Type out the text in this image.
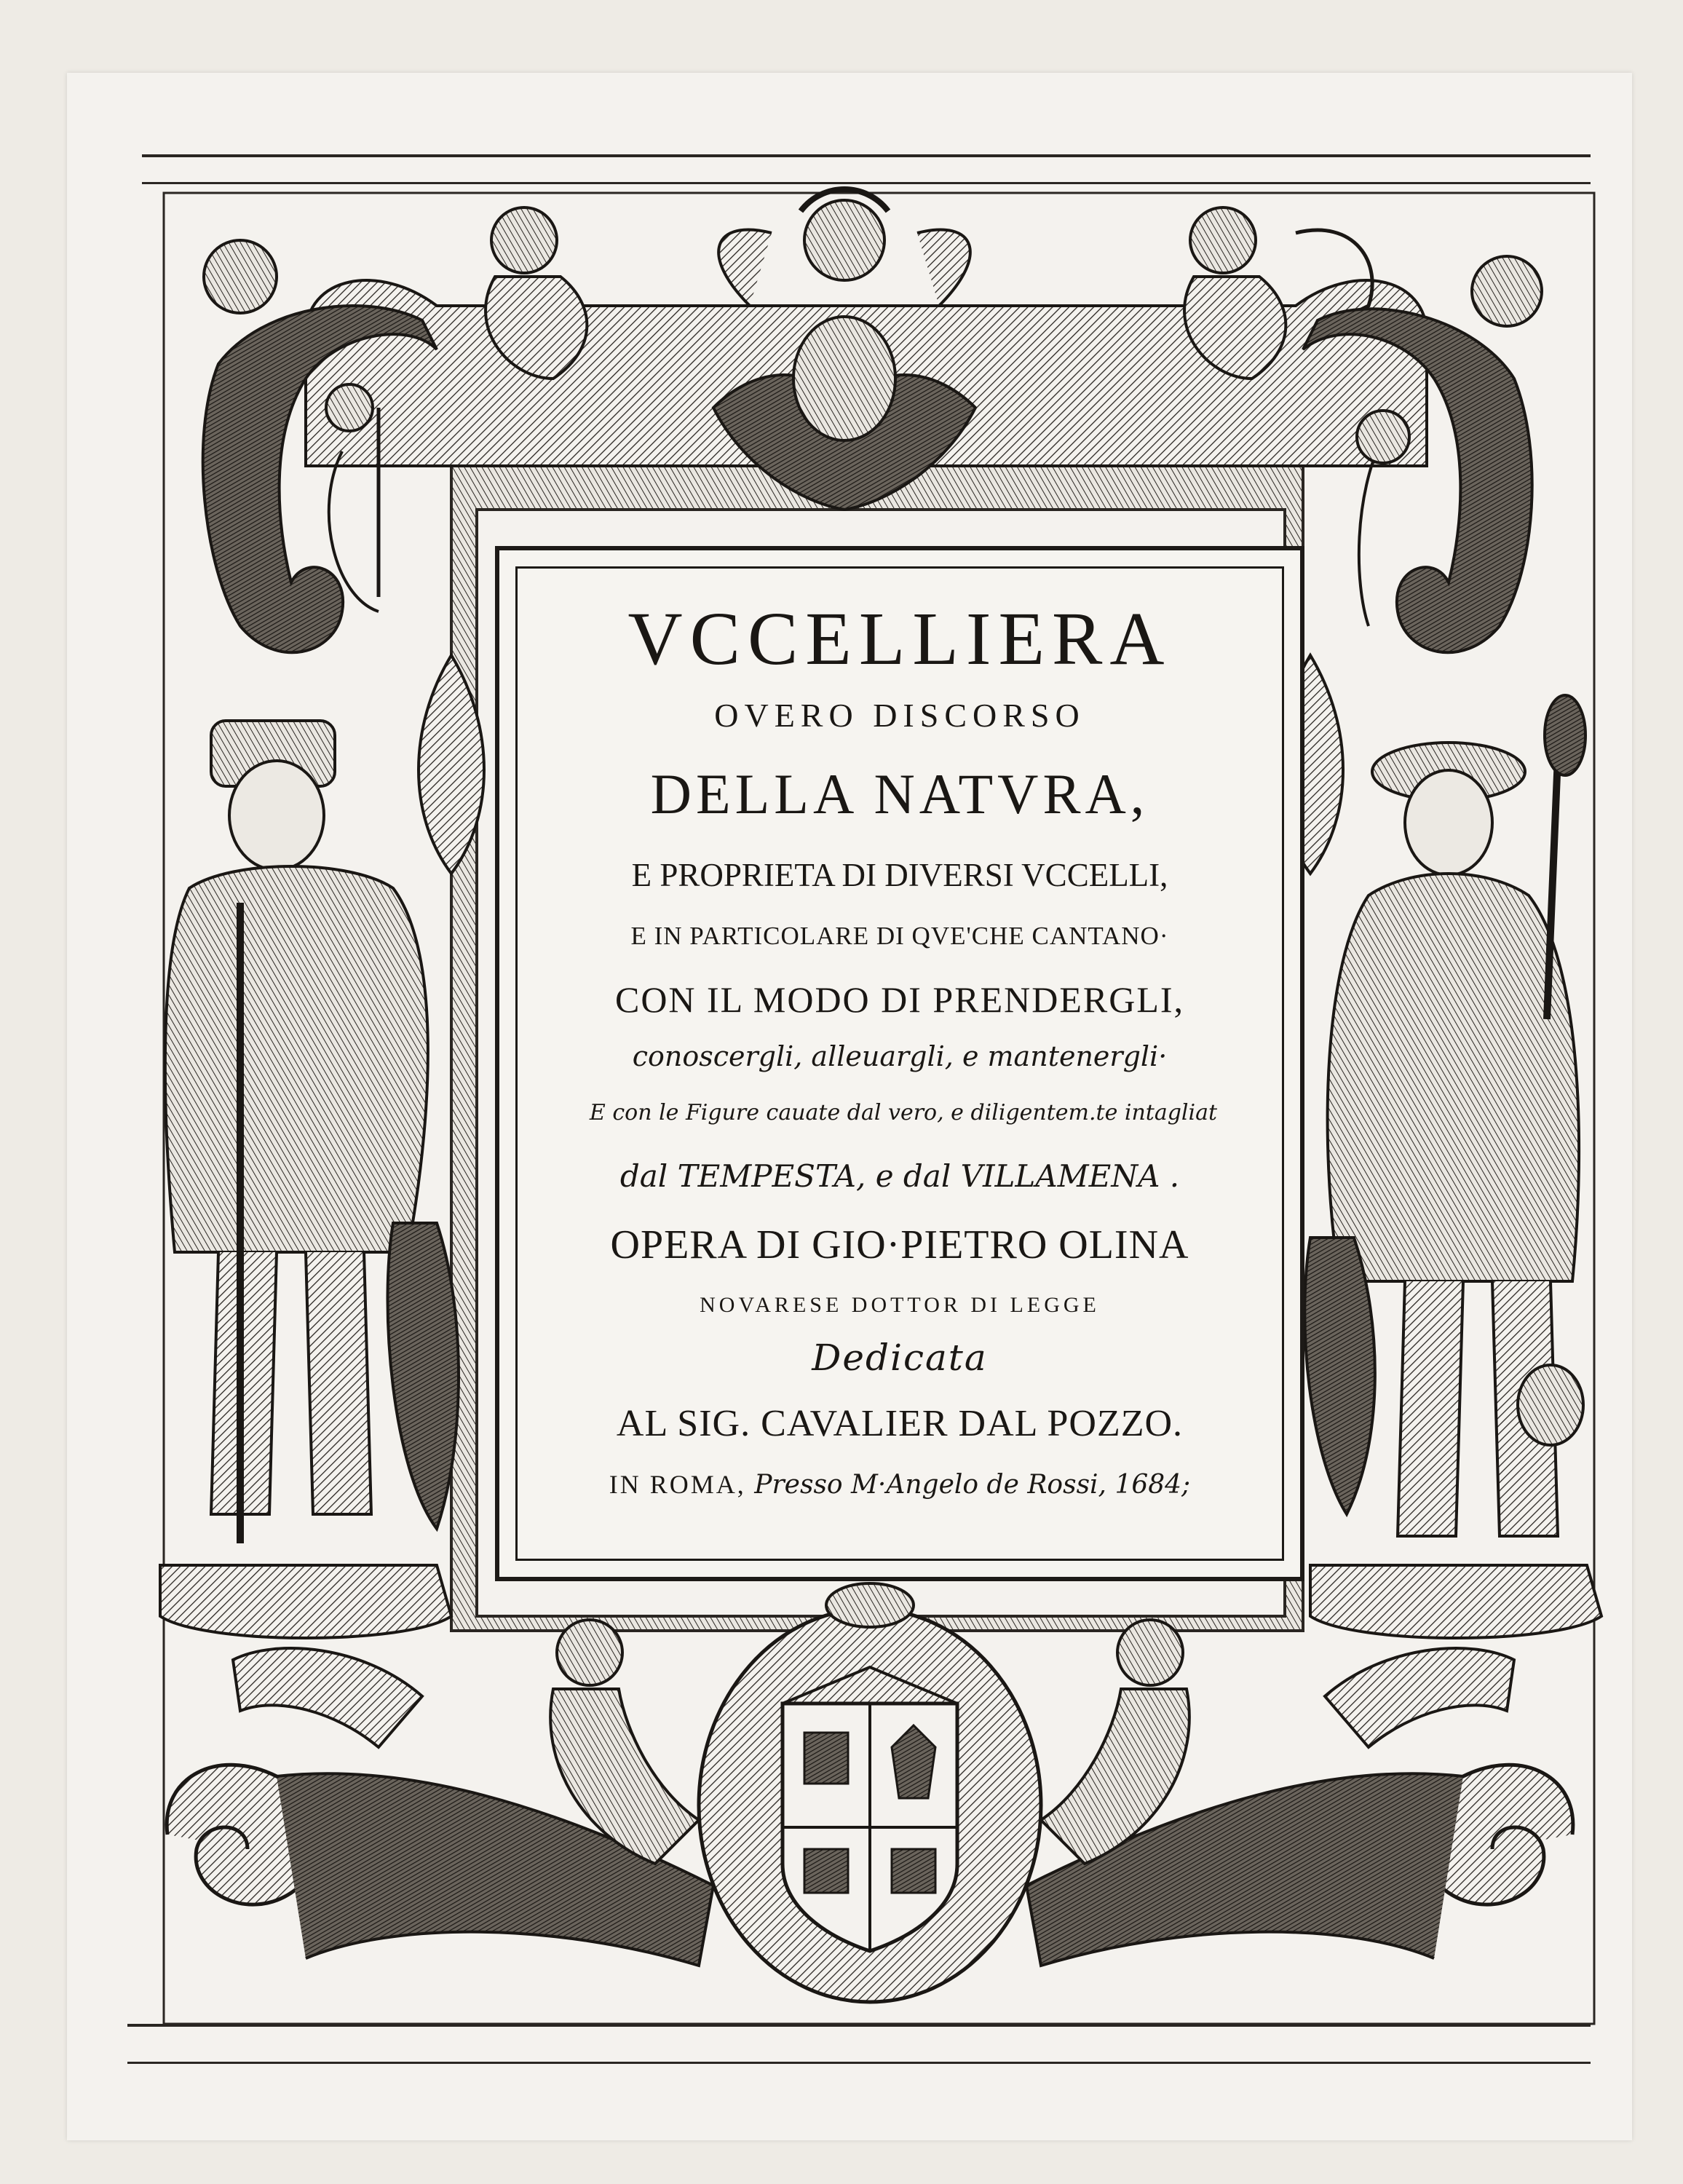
VCCELLIERA
OVERO DISCORSO
DELLA NATVRA,
E PROPRIETA DI DIVERSI VCCELLI,
E IN PARTICOLARE DI QVE'CHE CANTANO·
CON IL MODO DI PRENDERGLI,
conoscergli, alleuargli, e mantenergli·
E con le Figure cauate dal vero, e diligentem.te intagliat
dal TEMPESTA, e dal VILLAMENA .
OPERA DI GIO·PIETRO OLINA
NOVARESE DOTTOR DI LEGGE
Dedicata
AL SIG. CAVALIER DAL POZZO.
IN ROMA, Presso M·Angelo de Rossi, 1684;
